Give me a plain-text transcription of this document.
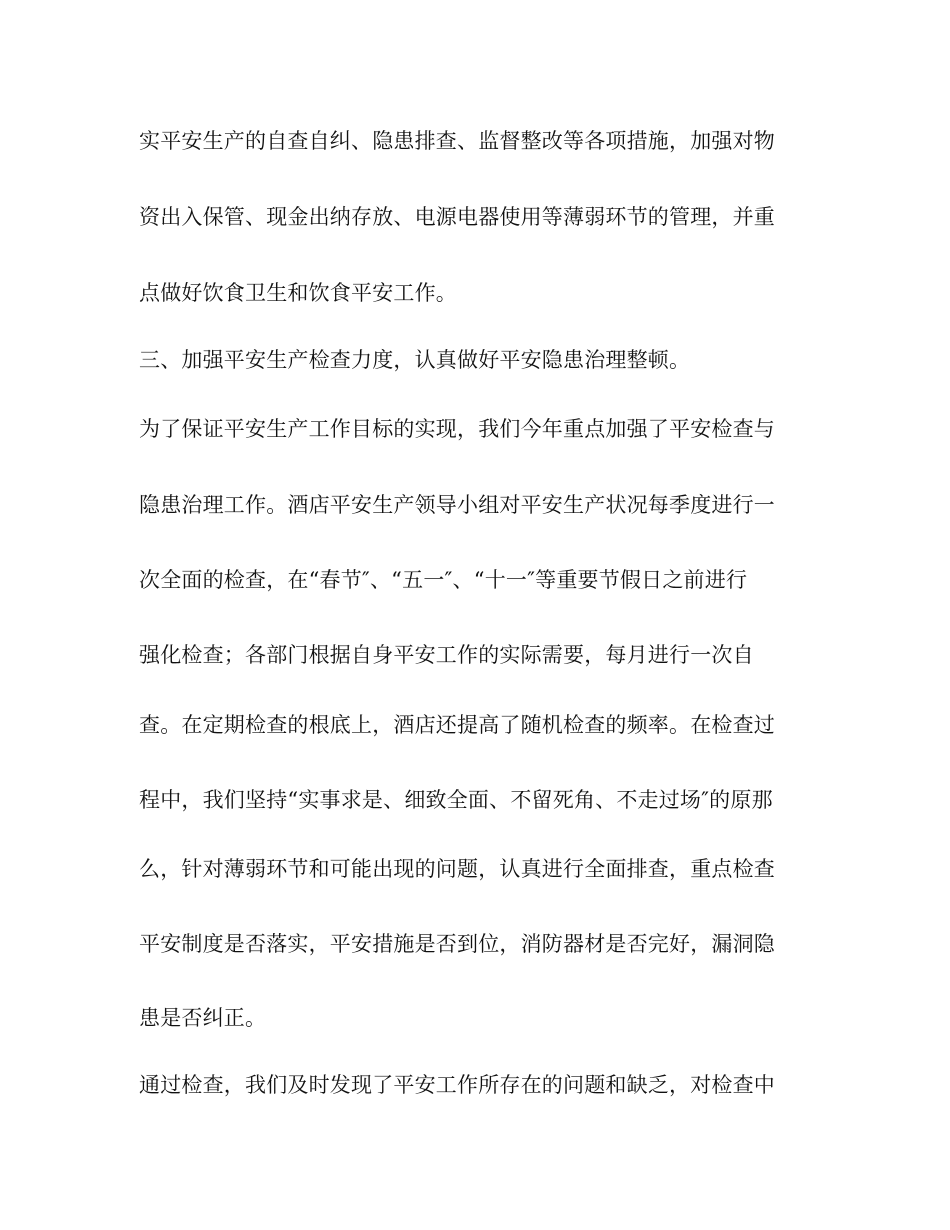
实平安生产的自查自纠、隐患排查、监督整改等各项措施，加强对物
资出入保管、现金出纳存放、电源电器使用等薄弱环节的管理，并重
点做好饮食卫生和饮食平安工作。
三、加强平安生产检查力度，认真做好平安隐患治理整顿。
为了保证平安生产工作目标的实现，我们今年重点加强了平安检查与
隐患治理工作。酒店平安生产领导小组对平安生产状况每季度进行一
次全面的检查，在“春节″、“五一″、“十一″等重要节假日之前进行
强化检查；各部门根据自身平安工作的实际需要，每月进行一次自
查。在定期检查的根底上，酒店还提高了随机检查的频率。在检查过
程中，我们坚持“实事求是、细致全面、不留死角、不走过场″的原那
么，针对薄弱环节和可能出现的问题，认真进行全面排查，重点检查
平安制度是否落实，平安措施是否到位，消防器材是否完好，漏洞隐
患是否纠正。
通过检查，我们及时发现了平安工作所存在的问题和缺乏，对检查中
